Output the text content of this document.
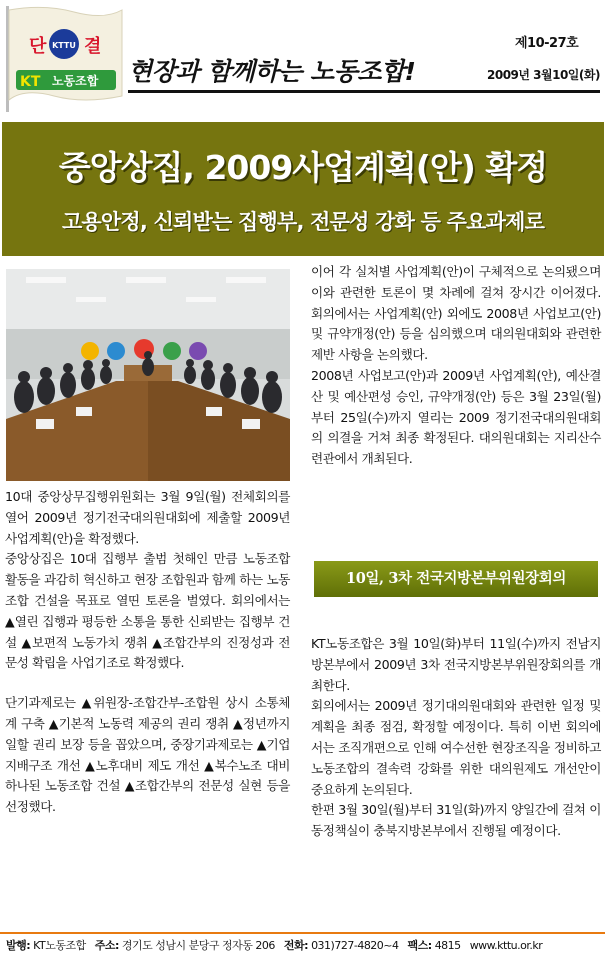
KTTU
단 결
KT 노동조합 현장과 함께하는 노동조합!
제10-27호
2009년 3월10일(화)
중앙상집, 2009사업계획(안) 확정
고용안정, 신뢰받는 집행부, 전문성 강화 등 주요과제로

10대 중앙상무집행위원회는 3월 9일(월) 전체회의를 열어 2009년 정기전국대의원대회에 제출할 2009년 사업계획(안)을 확정했다.

중앙상집은 10대 집행부 출범 첫해인 만큼 노동조합 활동을 과감히 혁신하고 현장 조합원과 함께 하는 노동조합 건설을 목표로 열띤 토론을 벌였다. 회의에서는 ▲열린 집행과 평등한 소통을 통한 신뢰받는 집행부 건설 ▲보편적 노동가치 쟁취 ▲조합간부의 진정성과 전문성 확립을 사업기조로 확정했다.

단기과제로는 ▲위원장-조합간부-조합원 상시 소통체계 구축 ▲기본적 노동력 제공의 권리 쟁취 ▲정년까지 일할 권리 보장 등을 꼽았으며, 중장기과제로는 ▲기업지배구조 개선 ▲노후대비 제도 개선 ▲복수노조 대비 하나된 노동조합 건설 ▲조합간부의 전문성 실현 등을 선정했다.

이어 각 실처별 사업계획(안)이 구체적으로 논의됐으며 이와 관련한 토론이 몇 차례에 걸쳐 장시간 이어졌다. 회의에서는 사업계획(안) 외에도 2008년 사업보고(안) 및 규약개정(안) 등을 심의했으며 대의원대회와 관련한 제반 사항을 논의했다.

2008년 사업보고(안)과 2009년 사업계획(안), 예산결산 및 예산편성 승인, 규약개정(안) 등은 3월 23일(월)부터 25일(수)까지 열리는 2009 정기전국대의원대회의 의결을 거쳐 최종 확정된다. 대의원대회는 지리산수련관에서 개최된다.

10일, 3차 전국지방본부위원장회의

KT노동조합은 3월 10일(화)부터 11일(수)까지 전남지방본부에서 2009년 3차 전국지방본부위원장회의를 개최한다.

회의에서는 2009년 정기대의원대회와 관련한 일정 및 계획을 최종 점검, 확정할 예정이다. 특히 이번 회의에서는 조직개편으로 인해 여수선한 현장조직을 정비하고 노동조합의 결속력 강화를 위한 대의원제도 개선안이 중요하게 논의된다.

한편 3월 30일(월)부터 31일(화)까지 양일간에 걸쳐 이동정책실이 충북지방본부에서 진행될 예정이다.

발행: KT노동조합 주소: 경기도 성남시 분당구 정자동 206 전화: 031)727-4820~4 팩스: 4815 www.kttu.or.kr
